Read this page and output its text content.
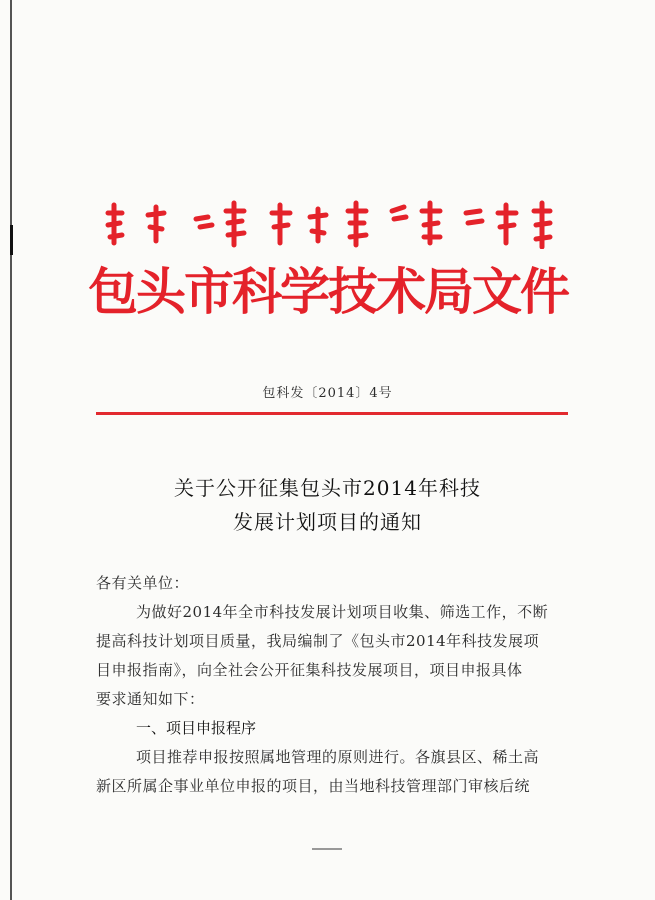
包头市科学技术局文件
包科发〔2014〕4号
关于公开征集包头市2014年科技
发展计划项目的通知
各有关单位：
为做好2014年全市科技发展计划项目收集、筛选工作，不断
提高科技计划项目质量，我局编制了《包头市2014年科技发展项
目申报指南》，向全社会公开征集科技发展项目，项目申报具体
要求通知如下：
一、项目申报程序
项目推荐申报按照属地管理的原则进行。各旗县区、稀土高
新区所属企事业单位申报的项目，由当地科技管理部门审核后统
